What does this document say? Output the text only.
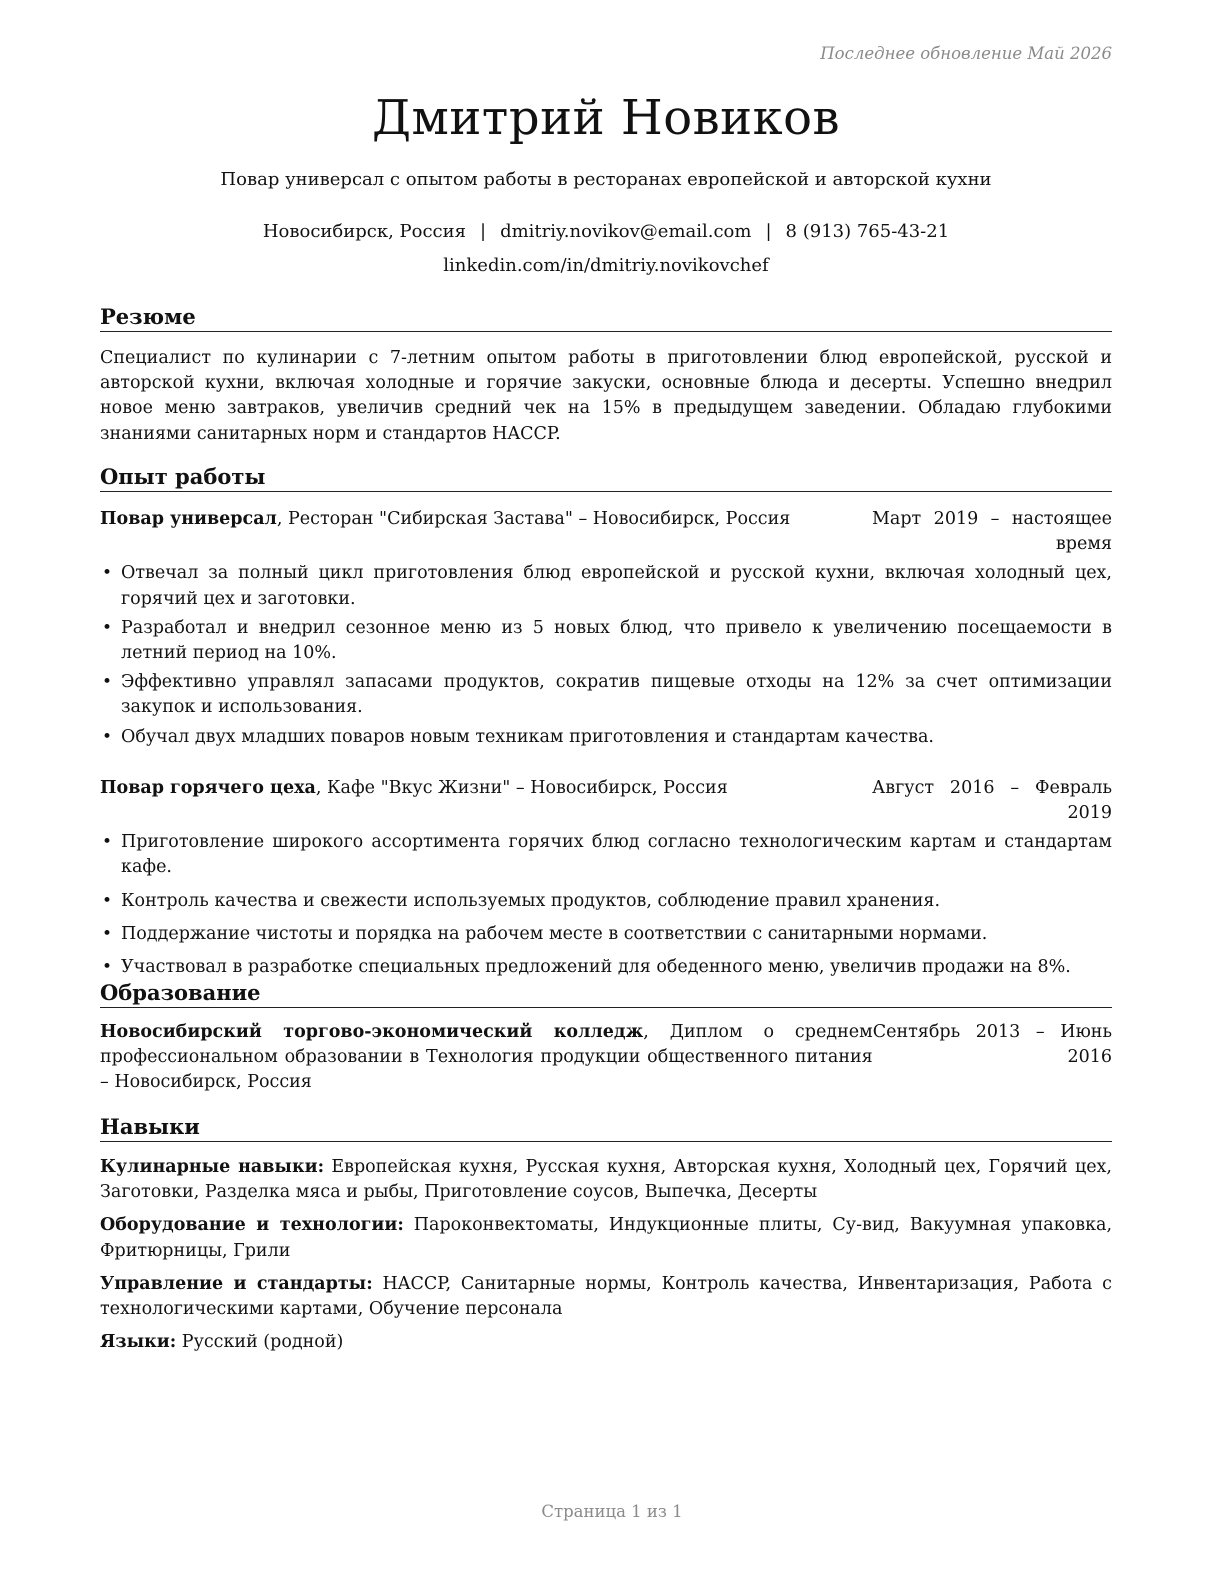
Последнее обновление Май 2026
Дмитрий Новиков
Повар универсал с опытом работы в ресторанах европейской и авторской кухни
Новосибирск, Россия | dmitriy.novikov@email.com | 8 (913) 765-43-21
linkedin.com/in/dmitriy.novikovchef
Резюме
Специалист по кулинарии с 7-летним опытом работы в приготовлении блюд европейской, русской и авторской кухни, включая холодные и горячие закуски, основные блюда и десерты. Успешно внедрил новое меню завтраков, увеличив средний чек на 15% в предыдущем заведении. Обладаю глубокими знаниями санитарных норм и стандартов HACCP.
Опыт работы
Повар универсал, Ресторан "Сибирская Застава" – Новосибирск, Россия	Март 2019 – настоящее время
• Отвечал за полный цикл приготовления блюд европейской и русской кухни, включая холодный цех, горячий цех и заготовки.
• Разработал и внедрил сезонное меню из 5 новых блюд, что привело к увеличению посещаемости в летний период на 10%.
• Эффективно управлял запасами продуктов, сократив пищевые отходы на 12% за счет оптимизации закупок и использования.
• Обучал двух младших поваров новым техникам приготовления и стандартам качества.
Повар горячего цеха, Кафе "Вкус Жизни" – Новосибирск, Россия	Август 2016 – Февраль 2019
• Приготовление широкого ассортимента горячих блюд согласно технологическим картам и стандартам кафе.
• Контроль качества и свежести используемых продуктов, соблюдение правил хранения.
• Поддержание чистоты и порядка на рабочем месте в соответствии с санитарными нормами.
• Участвовал в разработке специальных предложений для обеденного меню, увеличив продажи на 8%.
Образование
Новосибирский торгово-экономический колледж, Диплом о среднем профессиональном образовании в Технология продукции общественного питания – Новосибирск, Россия
Сентябрь 2013 – Июнь 2016
Навыки
Кулинарные навыки: Европейская кухня, Русская кухня, Авторская кухня, Холодный цех, Горячий цех, Заготовки, Разделка мяса и рыбы, Приготовление соусов, Выпечка, Десерты
Оборудование и технологии: Пароконвектоматы, Индукционные плиты, Су-вид, Вакуумная упаковка, Фритюрницы, Грили
Управление и стандарты: HACCP, Санитарные нормы, Контроль качества, Инвентаризация, Работа с технологическими картами, Обучение персонала
Языки: Русский (родной)
Страница 1 из 1
